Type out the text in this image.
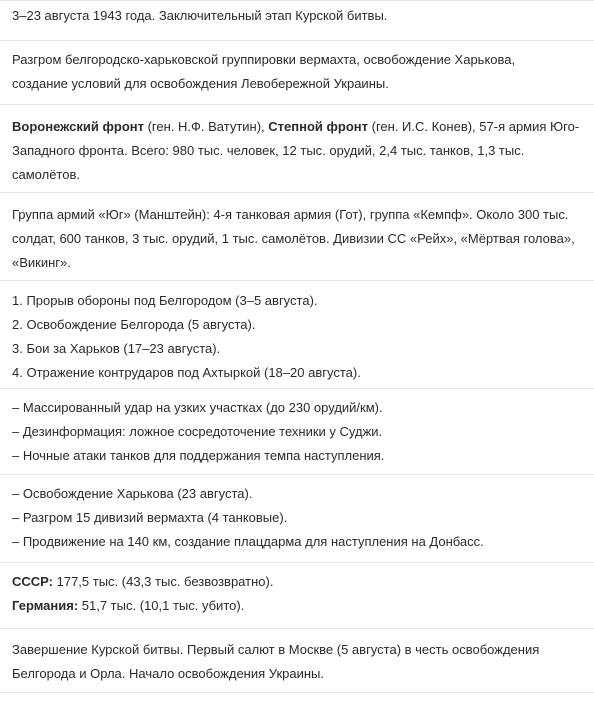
3–23 августа 1943 года. Заключительный этап Курской битвы.
Разгром белгородско-харьковской группировки вермахта, освобождение Харькова,
создание условий для освобождения Левобережной Украины.
Воронежский фронт (ген. Н.Ф. Ватутин), Степной фронт (ген. И.С. Конев), 57-я армия Юго-
Западного фронта. Всего: 980 тыс. человек, 12 тыс. орудий, 2,4 тыс. танков, 1,3 тыс.
самолётов.
Группа армий «Юг» (Манштейн): 4-я танковая армия (Гот), группа «Кемпф». Около 300 тыс.
солдат, 600 танков, 3 тыс. орудий, 1 тыс. самолётов. Дивизии СС «Рейх», «Мёртвая голова»,
«Викинг».
1. Прорыв обороны под Белгородом (3–5 августа).
2. Освобождение Белгорода (5 августа).
3. Бои за Харьков (17–23 августа).
4. Отражение контрударов под Ахтыркой (18–20 августа).
– Массированный удар на узких участках (до 230 орудий/км).
– Дезинформация: ложное сосредоточение техники у Суджи.
– Ночные атаки танков для поддержания темпа наступления.
– Освобождение Харькова (23 августа).
– Разгром 15 дивизий вермахта (4 танковые).
– Продвижение на 140 км, создание плацдарма для наступления на Донбасс.
СССР: 177,5 тыс. (43,3 тыс. безвозвратно).
Германия: 51,7 тыс. (10,1 тыс. убито).
Завершение Курской битвы. Первый салют в Москве (5 августа) в честь освобождения
Белгорода и Орла. Начало освобождения Украины.
